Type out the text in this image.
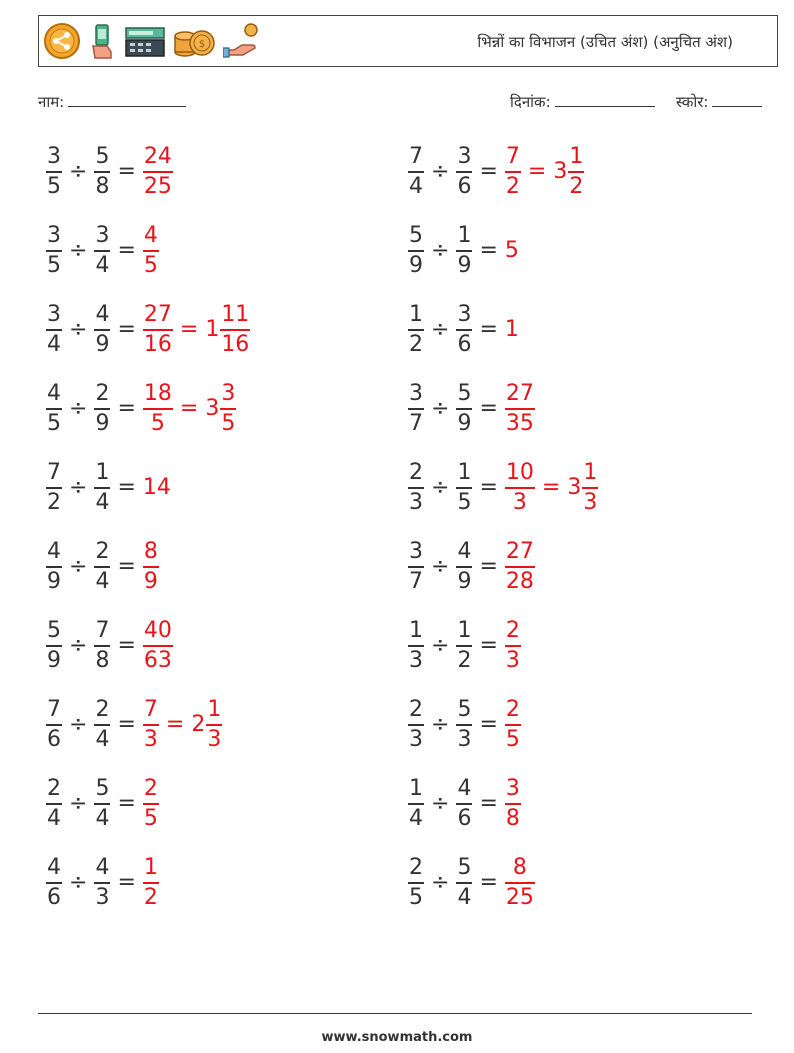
$	भिन्नों का विभाजन (उचित अंश) (अनुचित अंश)
नाम:	दिनांक:	स्कोर:
$\frac{3}{5} \div \frac{5}{8} = \frac{24}{25}$	$\frac{7}{4} \div \frac{3}{6} = \frac{7}{2} = 3 \frac{1}{2}$
$\frac{3}{5} \div \frac{3}{4} = \frac{4}{5}$	$\frac{5}{9} \div \frac{1}{9} = 5$
$\frac{3}{4} \div \frac{4}{9} = \frac{27}{16} = 1 \frac{11}{16}$	$\frac{1}{2} \div \frac{3}{6} = 1$
$\frac{4}{5} \div \frac{2}{9} = \frac{18}{5} = 3 \frac{3}{5}$	$\frac{3}{7} \div \frac{5}{9} = \frac{27}{35}$
$\frac{7}{2} \div \frac{1}{4} = 14$	$\frac{2}{3} \div \frac{1}{5} = \frac{10}{3} = 3 \frac{1}{3}$
$\frac{4}{9} \div \frac{2}{4} = \frac{8}{9}$	$\frac{3}{7} \div \frac{4}{9} = \frac{27}{28}$
$\frac{5}{9} \div \frac{7}{8} = \frac{40}{63}$	$\frac{1}{3} \div \frac{1}{2} = \frac{2}{3}$
$\frac{7}{6} \div \frac{2}{4} = \frac{7}{3} = 2 \frac{1}{3}$	$\frac{2}{3} \div \frac{5}{3} = \frac{2}{5}$
$\frac{2}{4} \div \frac{5}{4} = \frac{2}{5}$	$\frac{1}{4} \div \frac{4}{6} = \frac{3}{8}$
$\frac{4}{6} \div \frac{4}{3} = \frac{1}{2}$	$\frac{2}{5} \div \frac{5}{4} = \frac{8}{25}$
www.snowmath.com
